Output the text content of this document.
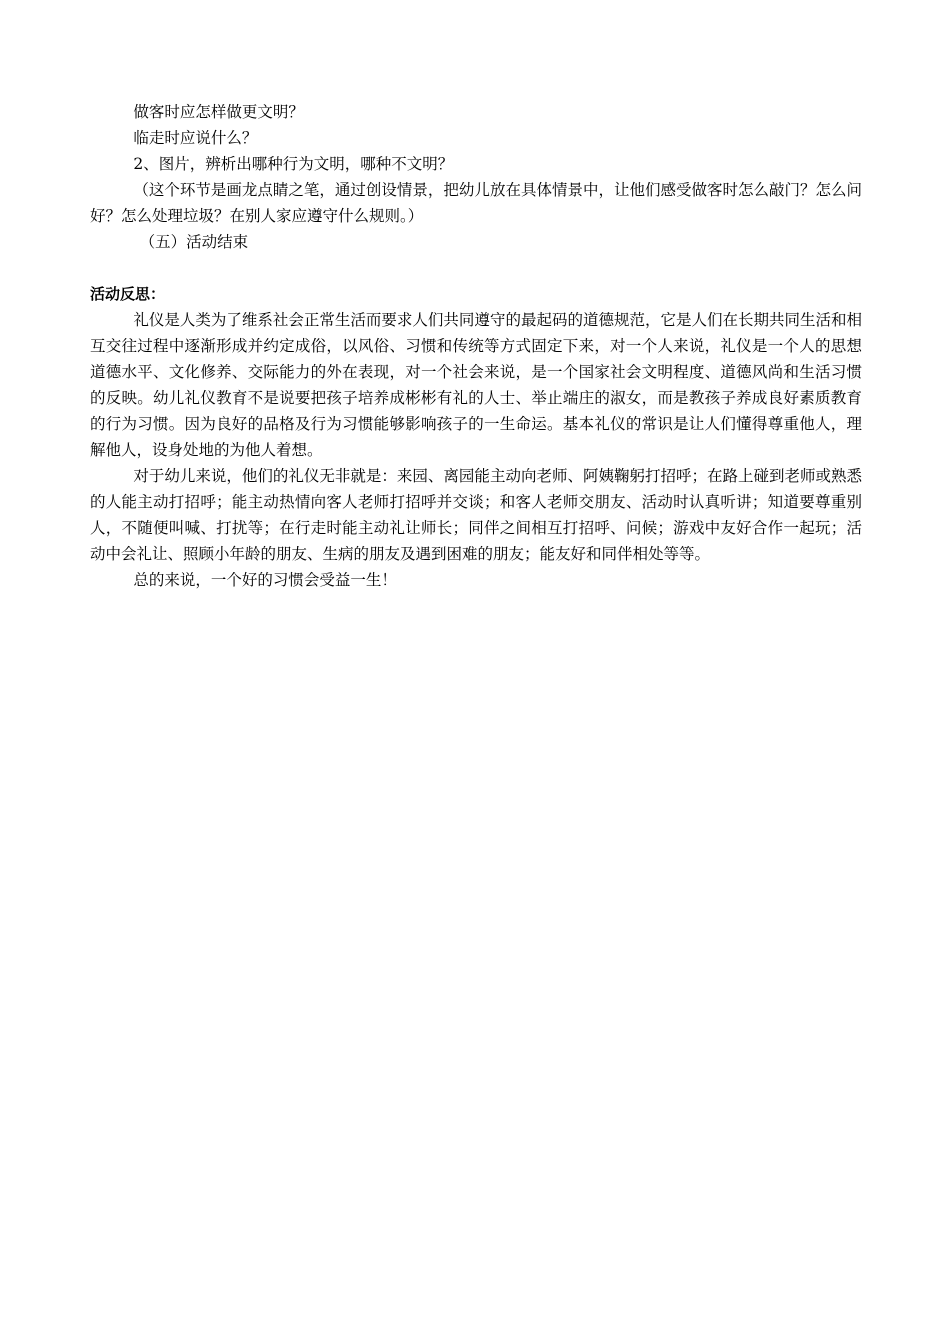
做客时应怎样做更文明？

临走时应说什么？

2、图片，辨析出哪种行为文明，哪种不文明？

（这个环节是画龙点睛之笔，通过创设情景，把幼儿放在具体情景中，让他们感受做客时怎么敲门？怎么问好？怎么处理垃圾？在别人家应遵守什么规则。）

（五）活动结束

活动反思：

礼仪是人类为了维系社会正常生活而要求人们共同遵守的最起码的道德规范，它是人们在长期共同生活和相互交往过程中逐渐形成并约定成俗，以风俗、习惯和传统等方式固定下来，对一个人来说，礼仪是一个人的思想道德水平、文化修养、交际能力的外在表现，对一个社会来说，是一个国家社会文明程度、道德风尚和生活习惯的反映。幼儿礼仪教育不是说要把孩子培养成彬彬有礼的人士、举止端庄的淑女，而是教孩子养成良好素质教育的行为习惯。因为良好的品格及行为习惯能够影响孩子的一生命运。基本礼仪的常识是让人们懂得尊重他人，理解他人，设身处地的为他人着想。

对于幼儿来说，他们的礼仪无非就是：来园、离园能主动向老师、阿姨鞠躬打招呼；在路上碰到老师或熟悉的人能主动打招呼；能主动热情向客人老师打招呼并交谈；和客人老师交朋友、活动时认真听讲；知道要尊重别人，不随便叫喊、打扰等；在行走时能主动礼让师长；同伴之间相互打招呼、问候；游戏中友好合作一起玩；活动中会礼让、照顾小年龄的朋友、生病的朋友及遇到困难的朋友；能友好和同伴相处等等。

总的来说，一个好的习惯会受益一生！
